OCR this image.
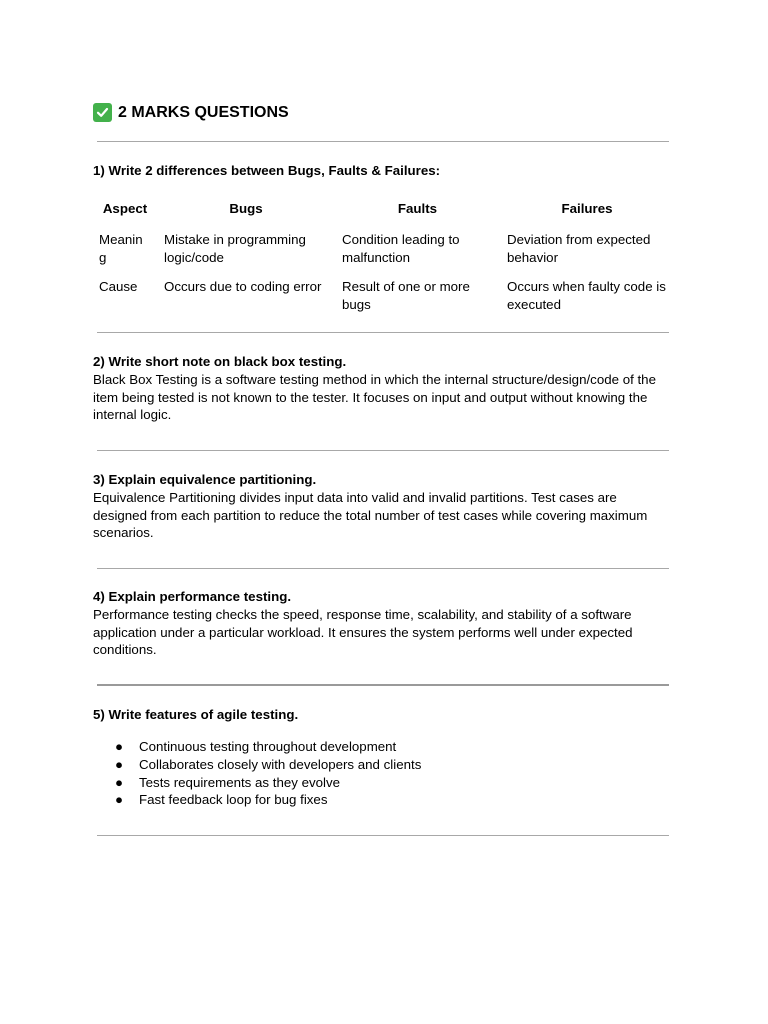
2 MARKS QUESTIONS
1) Write 2 differences between Bugs, Faults & Failures:
Aspect	Bugs	Faults	Failures
Meanin g	Mistake in programming logic/code	Condition leading to malfunction	Deviation from expected behavior
Cause	Occurs due to coding error	Result of one or more bugs	Occurs when faulty code is executed
2) Write short note on black box testing.
Black Box Testing is a software testing method in which the internal structure/design/code of the item being tested is not known to the tester. It focuses on input and output without knowing the internal logic.
3) Explain equivalence partitioning.
Equivalence Partitioning divides input data into valid and invalid partitions. Test cases are designed from each partition to reduce the total number of test cases while covering maximum scenarios.
4) Explain performance testing.
Performance testing checks the speed, response time, scalability, and stability of a software application under a particular workload. It ensures the system performs well under expected conditions.
5) Write features of agile testing.
●	Continuous testing throughout development
●	Collaborates closely with developers and clients
●	Tests requirements as they evolve
●	Fast feedback loop for bug fixes
